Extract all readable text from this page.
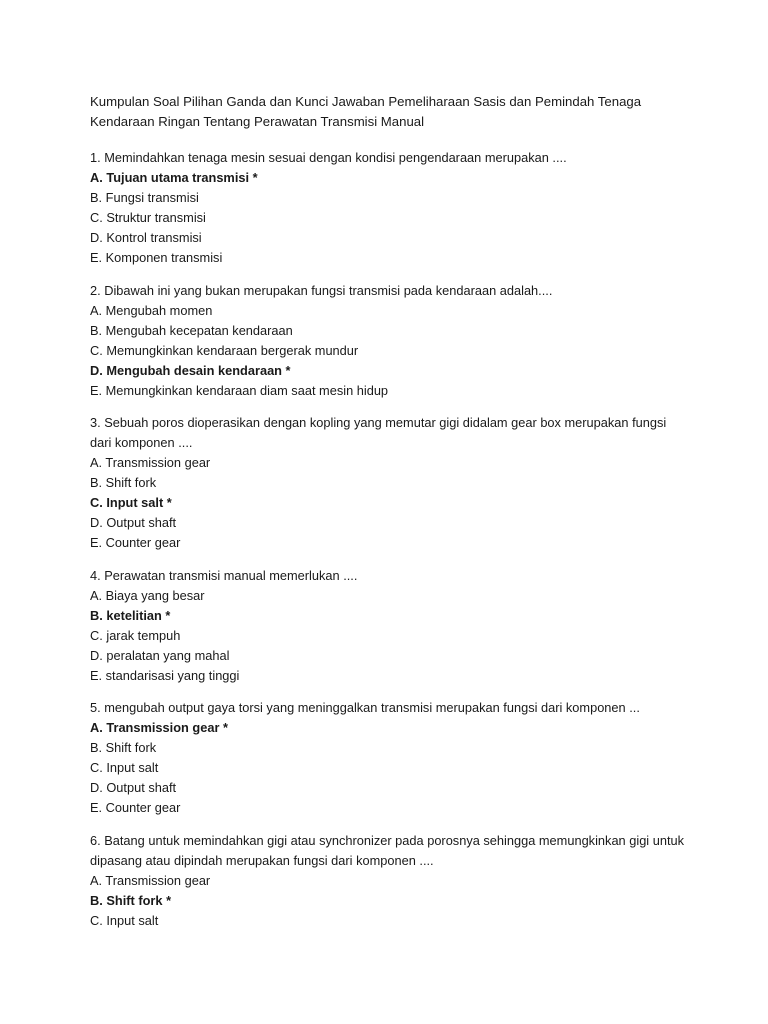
Kumpulan Soal Pilihan Ganda dan Kunci Jawaban Pemeliharaan Sasis dan Pemindah Tenaga
Kendaraan Ringan Tentang Perawatan Transmisi Manual
1. Memindahkan tenaga mesin sesuai dengan kondisi pengendaraan merupakan ....
A. Tujuan utama transmisi *
B. Fungsi transmisi
C. Struktur transmisi
D. Kontrol transmisi
E. Komponen transmisi
2. Dibawah ini yang bukan merupakan fungsi transmisi pada kendaraan adalah....
A. Mengubah momen
B. Mengubah kecepatan kendaraan
C. Memungkinkan kendaraan bergerak mundur
D. Mengubah desain kendaraan *
E. Memungkinkan kendaraan diam saat mesin hidup
3. Sebuah poros dioperasikan dengan kopling yang memutar gigi didalam gear box merupakan fungsi
dari komponen ....
A. Transmission gear
B. Shift fork
C. Input salt *
D. Output shaft
E. Counter gear
4. Perawatan transmisi manual memerlukan ....
A. Biaya yang besar
B. ketelitian *
C. jarak tempuh
D. peralatan yang mahal
E. standarisasi yang tinggi
5. mengubah output gaya torsi yang meninggalkan transmisi merupakan fungsi dari komponen ...
A. Transmission gear *
B. Shift fork
C. Input salt
D. Output shaft
E. Counter gear
6. Batang untuk memindahkan gigi atau synchronizer pada porosnya sehingga memungkinkan gigi untuk
dipasang atau dipindah merupakan fungsi dari komponen ....
A. Transmission gear
B. Shift fork *
C. Input salt
